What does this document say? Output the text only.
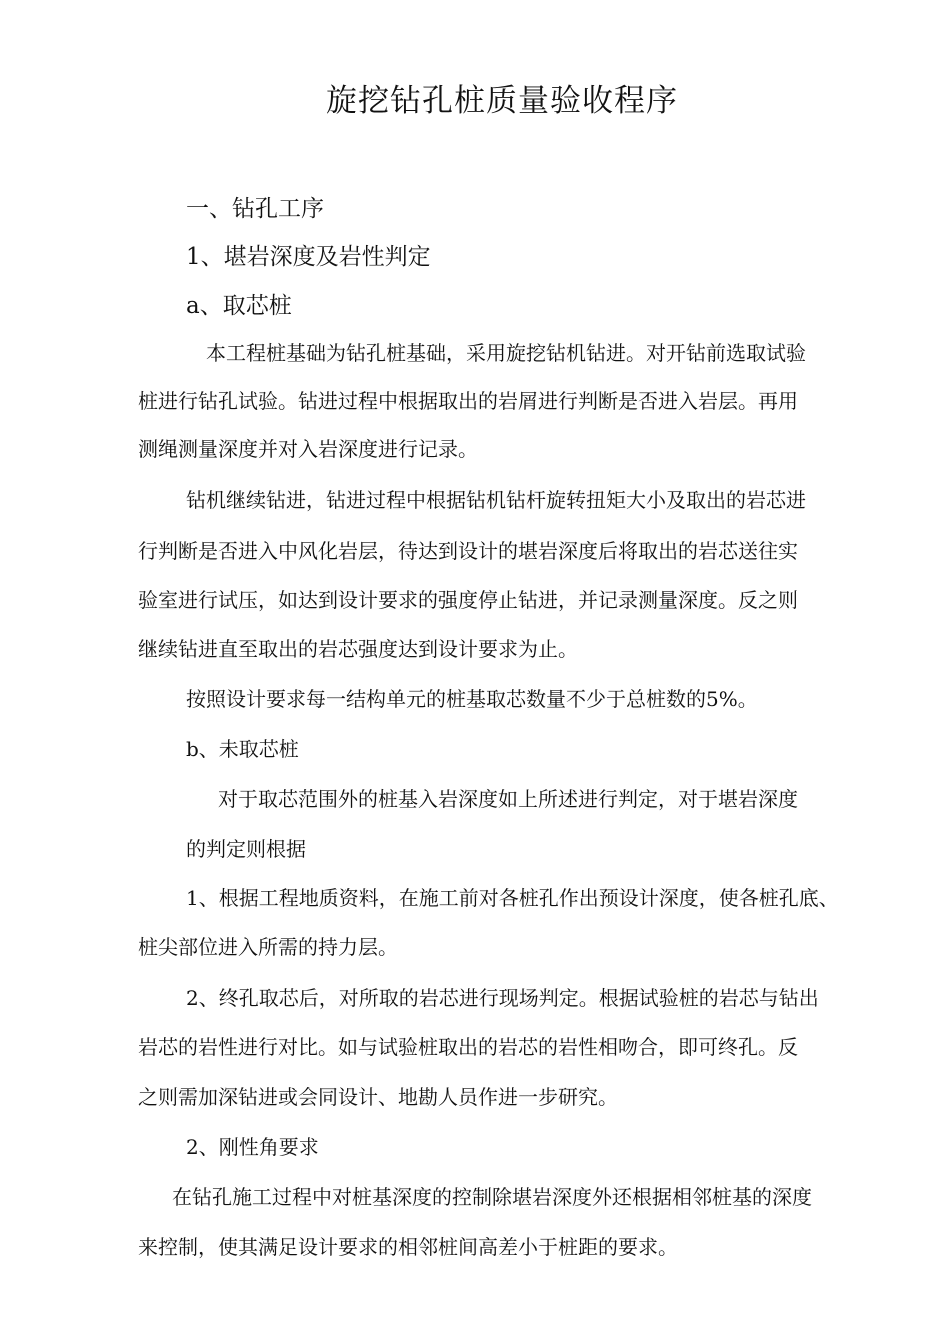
旋挖钻孔桩质量验收程序
一、钻孔工序
1、堪岩深度及岩性判定
a、取芯桩
本工程桩基础为钻孔桩基础，采用旋挖钻机钻进。对开钻前选取试验
桩进行钻孔试验。钻进过程中根据取出的岩屑进行判断是否进入岩层。再用
测绳测量深度并对入岩深度进行记录。
钻机继续钻进，钻进过程中根据钻机钻杆旋转扭矩大小及取出的岩芯进
行判断是否进入中风化岩层，待达到设计的堪岩深度后将取出的岩芯送往实
验室进行试压，如达到设计要求的强度停止钻进，并记录测量深度。反之则
继续钻进直至取出的岩芯强度达到设计要求为止。
按照设计要求每一结构单元的桩基取芯数量不少于总桩数的5%。
b、未取芯桩
对于取芯范围外的桩基入岩深度如上所述进行判定，对于堪岩深度
的判定则根据
1、根据工程地质资料，在施工前对各桩孔作出预设计深度，使各桩孔底、
桩尖部位进入所需的持力层。
2、终孔取芯后，对所取的岩芯进行现场判定。根据试验桩的岩芯与钻出
岩芯的岩性进行对比。如与试验桩取出的岩芯的岩性相吻合，即可终孔。反
之则需加深钻进或会同设计、地勘人员作进一步研究。
2、刚性角要求
在钻孔施工过程中对桩基深度的控制除堪岩深度外还根据相邻桩基的深度
来控制，使其满足设计要求的相邻桩间高差小于桩距的要求。
